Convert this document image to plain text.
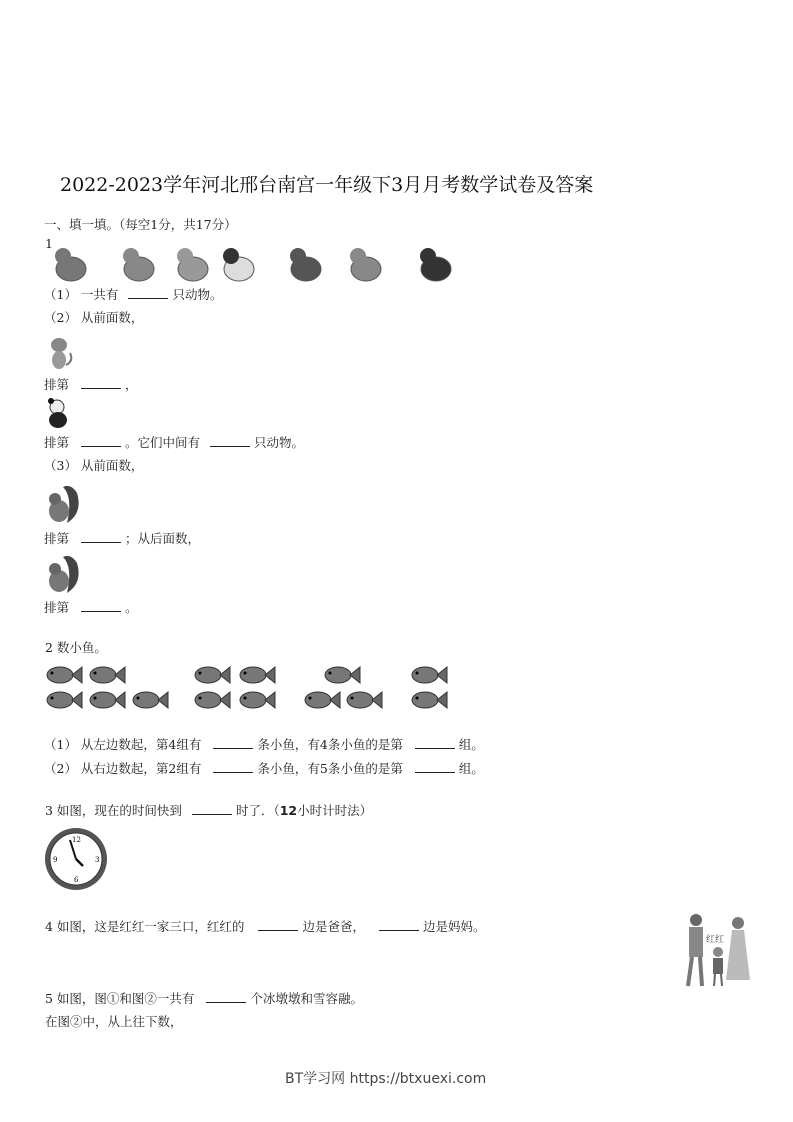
2022-2023学年河北邢台南宫一年级下3月月考数学试卷及答案
一、填一填。（每空1分，共17分）
1
（1） 一共有	只动物。
（2） 从前面数，
排第	，
排第	。它们中间有	只动物。
（3） 从前面数，
排第	；从后面数，
排第	。
2 数小鱼。
（1） 从左边数起，第4组有	条小鱼，有4条小鱼的是第	组。
（2） 从右边数起，第2组有	条小鱼，有5条小鱼的是第	组。
3 如图，现在的时间快到	时了．（12小时计时法）
12
3
6
9
4 如图，这是红红一家三口，红红的	边是爸爸，	边是妈妈。
红红
5 如图，图①和图②一共有	个冰墩墩和雪容融。
在图②中，从上往下数，
BT学习网 https://btxuexi.com
